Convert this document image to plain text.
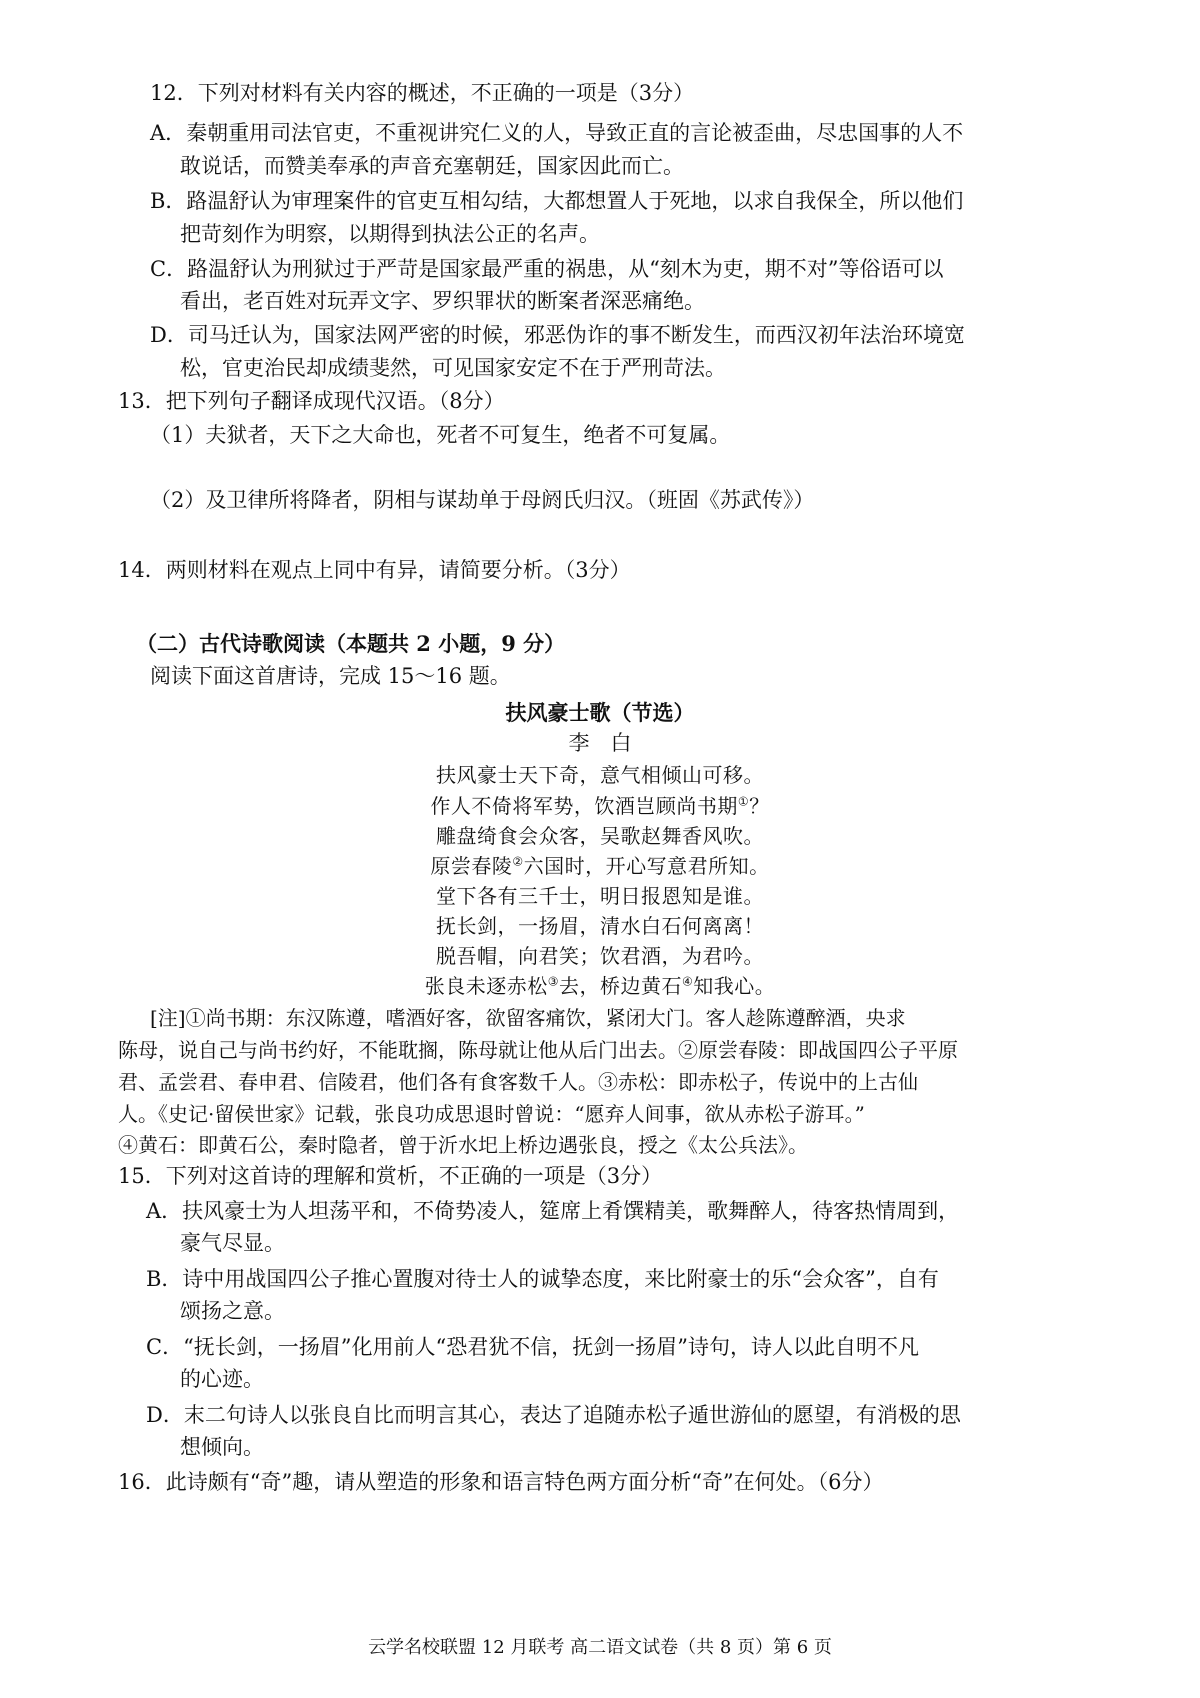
12．下列对材料有关内容的概述，不正确的一项是（3分）
A．秦朝重用司法官吏，不重视讲究仁义的人，导致正直的言论被歪曲，尽忠国事的人不
敢说话，而赞美奉承的声音充塞朝廷，国家因此而亡。
B．路温舒认为审理案件的官吏互相勾结，大都想置人于死地，以求自我保全，所以他们
把苛刻作为明察，以期得到执法公正的名声。
C．路温舒认为刑狱过于严苛是国家最严重的祸患，从“刻木为吏，期不对”等俗语可以
看出，老百姓对玩弄文字、罗织罪状的断案者深恶痛绝。
D．司马迁认为，国家法网严密的时候，邪恶伪诈的事不断发生，而西汉初年法治环境宽
松，官吏治民却成绩斐然，可见国家安定不在于严刑苛法。
13．把下列句子翻译成现代汉语。（8分）
（1）夫狱者，天下之大命也，死者不可复生，绝者不可复属。
（2）及卫律所将降者，阴相与谋劫单于母阏氏归汉。（班固《苏武传》）
14．两则材料在观点上同中有异，请简要分析。（3分）
（二）古代诗歌阅读（本题共 2 小题，9 分）
阅读下面这首唐诗，完成 15～16 题。
扶风豪士歌（节选）
李　白
扶风豪士天下奇，意气相倾山可移。
作人不倚将军势，饮酒岂顾尚书期①？
雕盘绮食会众客，吴歌赵舞香风吹。
原尝春陵②六国时，开心写意君所知。
堂下各有三千士，明日报恩知是谁。
抚长剑，一扬眉，清水白石何离离！
脱吾帽，向君笑；饮君酒，为君吟。
张良未逐赤松③去，桥边黄石④知我心。
[注]①尚书期：东汉陈遵，嗜酒好客，欲留客痛饮，紧闭大门。客人趁陈遵醉酒，央求
陈母，说自己与尚书约好，不能耽搁，陈母就让他从后门出去。②原尝春陵：即战国四公子平原
君、孟尝君、春申君、信陵君，他们各有食客数千人。③赤松：即赤松子，传说中的上古仙
人。《史记·留侯世家》记载，张良功成思退时曾说：“愿弃人间事，欲从赤松子游耳。”
④黄石：即黄石公，秦时隐者，曾于沂水圯上桥边遇张良，授之《太公兵法》。
15．下列对这首诗的理解和赏析，不正确的一项是（3分）
A．扶风豪士为人坦荡平和，不倚势凌人，筵席上肴馔精美，歌舞醉人，待客热情周到，
豪气尽显。
B．诗中用战国四公子推心置腹对待士人的诚挚态度，来比附豪士的乐“会众客”，自有
颂扬之意。
C．“抚长剑，一扬眉”化用前人“恐君犹不信，抚剑一扬眉”诗句，诗人以此自明不凡
的心迹。
D．末二句诗人以张良自比而明言其心，表达了追随赤松子遁世游仙的愿望，有消极的思
想倾向。
16．此诗颇有“奇”趣，请从塑造的形象和语言特色两方面分析“奇”在何处。（6分）
云学名校联盟 12 月联考 高二语文试卷（共 8 页）第 6 页
